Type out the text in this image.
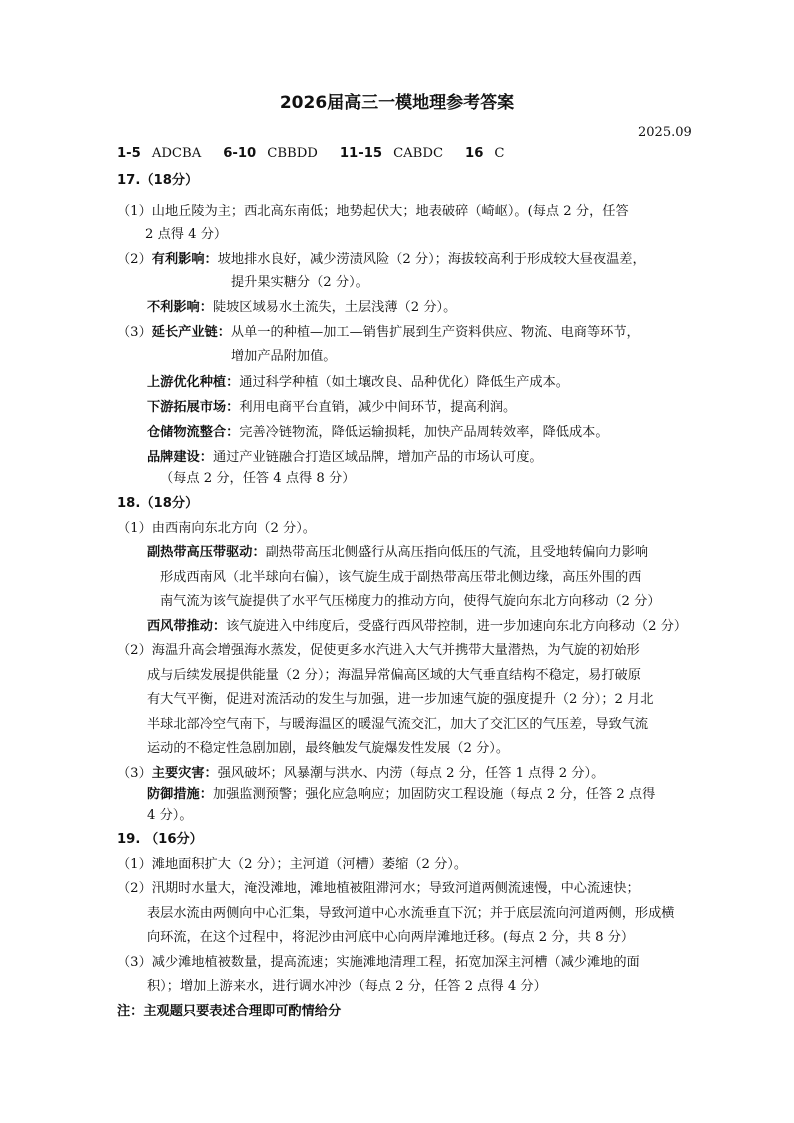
2026届高三一模地理参考答案
2025.09
1-5 ADCBA 6-10 CBBDD 11-15 CABDC 16 C
17.（18分）
（1）山地丘陵为主；西北高东南低；地势起伏大；地表破碎（崎岖）。(每点 2 分，任答
2 点得 4 分）
（2）有利影响：坡地排水良好，减少涝渍风险（2 分）；海拔较高利于形成较大昼夜温差，
提升果实糖分（2 分）。
不利影响：陡坡区域易水土流失，土层浅薄（2 分）。
（3）延长产业链：从单一的种植—加工—销售扩展到生产资料供应、物流、电商等环节，
增加产品附加值。
上游优化种植：通过科学种植（如土壤改良、品种优化）降低生产成本。
下游拓展市场：利用电商平台直销，减少中间环节，提高利润。
仓储物流整合：完善冷链物流，降低运输损耗，加快产品周转效率，降低成本。
品牌建设：通过产业链融合打造区域品牌，增加产品的市场认可度。
（每点 2 分，任答 4 点得 8 分）
18.（18分）
（1）由西南向东北方向（2 分）。
副热带高压带驱动：副热带高压北侧盛行从高压指向低压的气流，且受地转偏向力影响
形成西南风（北半球向右偏），该气旋生成于副热带高压带北侧边缘，高压外围的西
南气流为该气旋提供了水平气压梯度力的推动方向，使得气旋向东北方向移动（2 分）
西风带推动：该气旋进入中纬度后，受盛行西风带控制，进一步加速向东北方向移动（2 分）
（2）海温升高会增强海水蒸发，促使更多水汽进入大气并携带大量潜热，为气旋的初始形
成与后续发展提供能量（2 分）；海温异常偏高区域的大气垂直结构不稳定，易打破原
有大气平衡，促进对流活动的发生与加强，进一步加速气旋的强度提升（2 分）；2 月北
半球北部冷空气南下，与暖海温区的暖湿气流交汇，加大了交汇区的气压差，导致气流
运动的不稳定性急剧加剧，最终触发气旋爆发性发展（2 分）。
（3）主要灾害：强风破坏；风暴潮与洪水、内涝（每点 2 分，任答 1 点得 2 分）。
防御措施：加强监测预警；强化应急响应；加固防灾工程设施（每点 2 分，任答 2 点得
4 分）。
19. （16分）
（1）滩地面积扩大（2 分）；主河道（河槽）萎缩（2 分）。
（2）汛期时水量大，淹没滩地，滩地植被阻滞河水；导致河道两侧流速慢，中心流速快；
表层水流由两侧向中心汇集，导致河道中心水流垂直下沉；并于底层流向河道两侧，形成横
向环流，在这个过程中，将泥沙由河底中心向两岸滩地迁移。(每点 2 分，共 8 分）
（3）减少滩地植被数量，提高流速；实施滩地清理工程，拓宽加深主河槽（减少滩地的面
积）；增加上游来水，进行调水冲沙（每点 2 分，任答 2 点得 4 分）
注：主观题只要表述合理即可酌情给分
